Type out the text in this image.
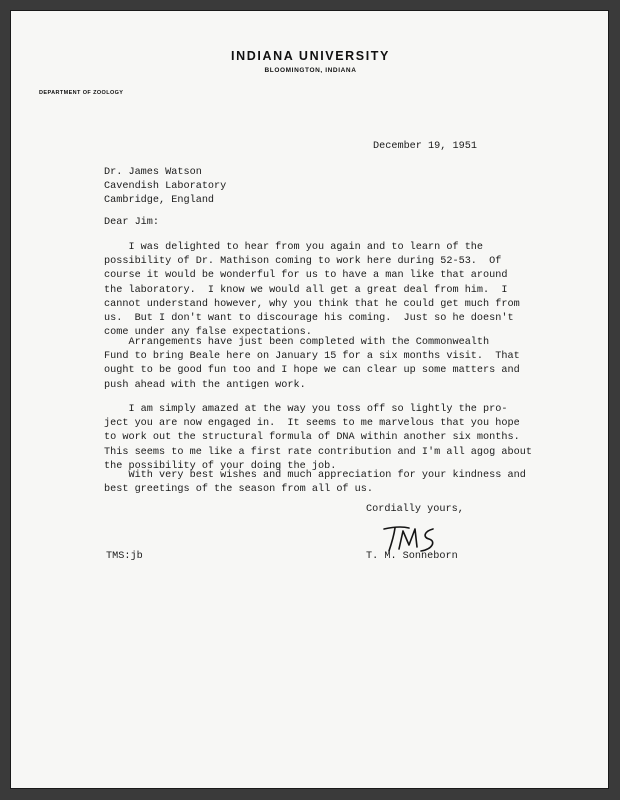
INDIANA UNIVERSITY
BLOOMINGTON, INDIANA
DEPARTMENT OF ZOOLOGY
December 19, 1951
Dr. James Watson
Cavendish Laboratory
Cambridge, England
Dear Jim:
I was delighted to hear from you again and to learn of the
possibility of Dr. Mathison coming to work here during 52-53.  Of
course it would be wonderful for us to have a man like that around
the laboratory.  I know we would all get a great deal from him.  I
cannot understand however, why you think that he could get much from
us.  But I don't want to discourage his coming.  Just so he doesn't
come under any false expectations.
Arrangements have just been completed with the Commonwealth
Fund to bring Beale here on January 15 for a six months visit.  That
ought to be good fun too and I hope we can clear up some matters and
push ahead with the antigen work.
I am simply amazed at the way you toss off so lightly the pro-
ject you are now engaged in.  It seems to me marvelous that you hope
to work out the structural formula of DNA within another six months.
This seems to me like a first rate contribution and I'm all agog about
the possibility of your doing the job.
With very best wishes and much appreciation for your kindness and
best greetings of the season from all of us.
Cordially yours,
T. M. Sonneborn
TMS:jb
